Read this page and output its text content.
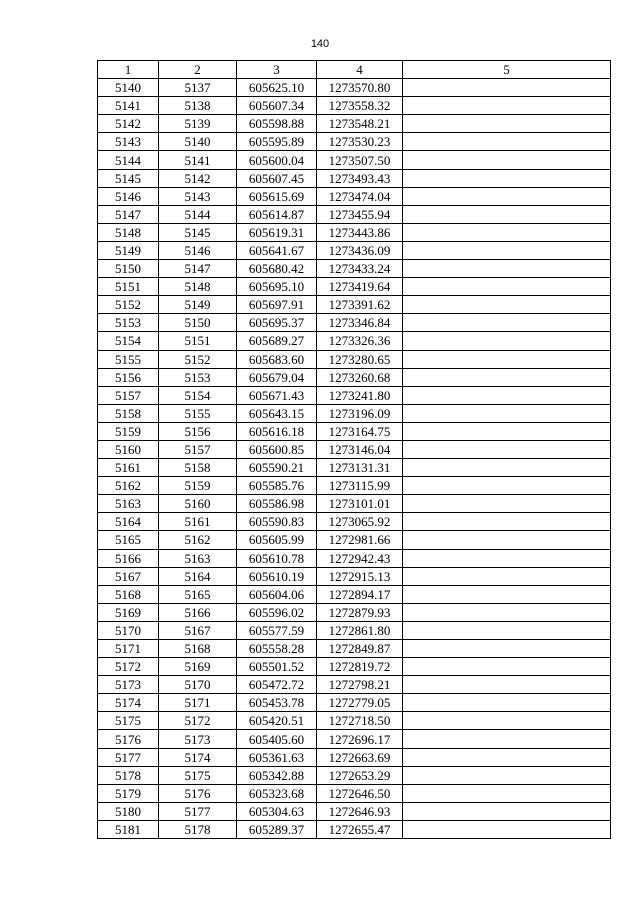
140
1	2	3	4	5
5140	5137	605625.10	1273570.80	
5141	5138	605607.34	1273558.32	
5142	5139	605598.88	1273548.21	
5143	5140	605595.89	1273530.23	
5144	5141	605600.04	1273507.50	
5145	5142	605607.45	1273493.43	
5146	5143	605615.69	1273474.04	
5147	5144	605614.87	1273455.94	
5148	5145	605619.31	1273443.86	
5149	5146	605641.67	1273436.09	
5150	5147	605680.42	1273433.24	
5151	5148	605695.10	1273419.64	
5152	5149	605697.91	1273391.62	
5153	5150	605695.37	1273346.84	
5154	5151	605689.27	1273326.36	
5155	5152	605683.60	1273280.65	
5156	5153	605679.04	1273260.68	
5157	5154	605671.43	1273241.80	
5158	5155	605643.15	1273196.09	
5159	5156	605616.18	1273164.75	
5160	5157	605600.85	1273146.04	
5161	5158	605590.21	1273131.31	
5162	5159	605585.76	1273115.99	
5163	5160	605586.98	1273101.01	
5164	5161	605590.83	1273065.92	
5165	5162	605605.99	1272981.66	
5166	5163	605610.78	1272942.43	
5167	5164	605610.19	1272915.13	
5168	5165	605604.06	1272894.17	
5169	5166	605596.02	1272879.93	
5170	5167	605577.59	1272861.80	
5171	5168	605558.28	1272849.87	
5172	5169	605501.52	1272819.72	
5173	5170	605472.72	1272798.21	
5174	5171	605453.78	1272779.05	
5175	5172	605420.51	1272718.50	
5176	5173	605405.60	1272696.17	
5177	5174	605361.63	1272663.69	
5178	5175	605342.88	1272653.29	
5179	5176	605323.68	1272646.50	
5180	5177	605304.63	1272646.93	
5181	5178	605289.37	1272655.47	
